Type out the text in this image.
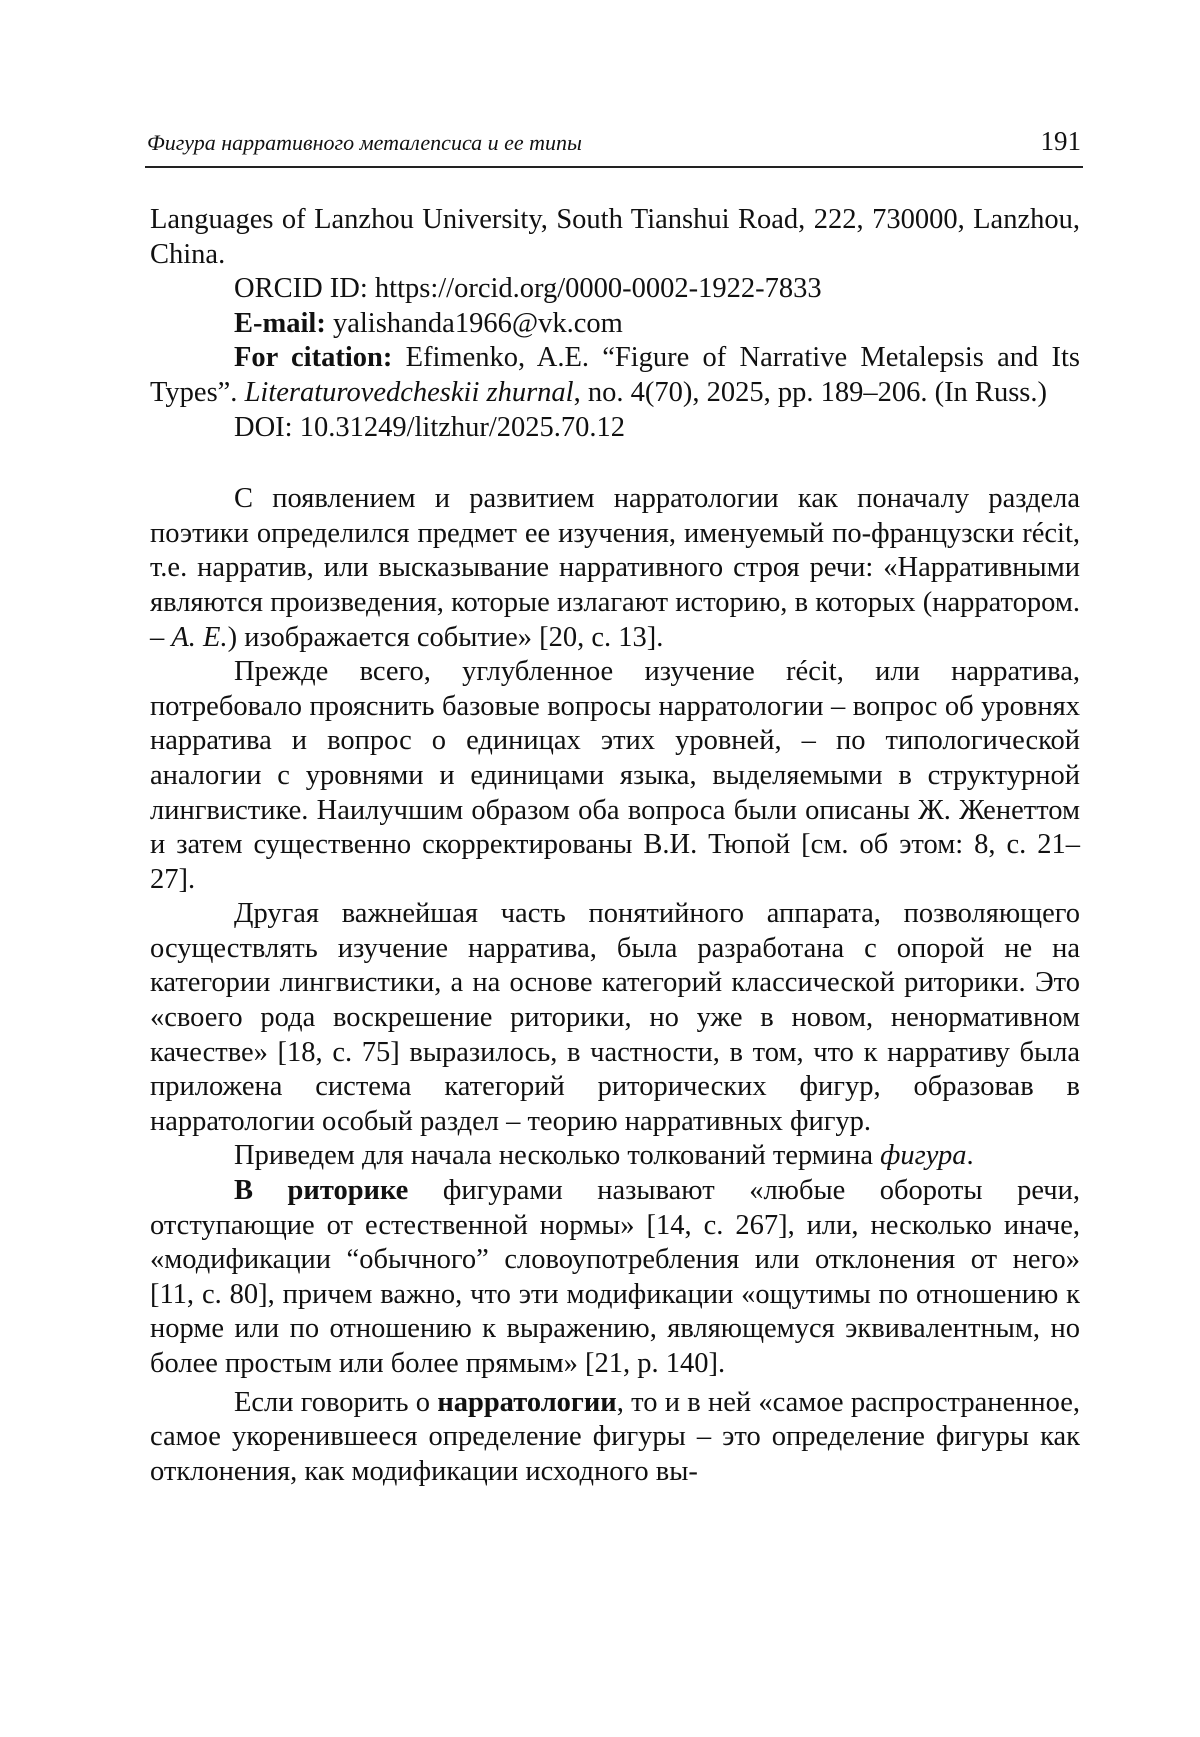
Фигура нарративного металепсиса и ее типы	191

Languages of Lanzhou University, South Tianshui Road, 222, 730000, Lanzhou, China.

ORCID ID: https://orcid.org/0000-0002-1922-7833

E-mail: yalishanda1966@vk.com

For citation: Efimenko, A.E. “Figure of Narrative Metalepsis and Its Types”. Literaturovedcheskii zhurnal, no. 4(70), 2025, pp. 189–206. (In Russ.)

DOI: 10.31249/litzhur/2025.70.12

С появлением и развитием нарратологии как поначалу раздела поэтики определился предмет ее изучения, именуемый по-французски récit, т.е. нарратив, или высказывание нарративного строя речи: «Нарративными являются произведения, которые излагают историю, в которых (нарратором. – А. Е.) изображается событие» [20, с. 13].

Прежде всего, углубленное изучение récit, или нарратива, потребовало прояснить базовые вопросы нарратологии – вопрос об уровнях нарратива и вопрос о единицах этих уровней, – по типологической аналогии с уровнями и единицами языка, выделяемыми в структурной лингвистике. Наилучшим образом оба вопроса были описаны Ж. Женеттом и затем существенно скорректированы В.И. Тюпой [см. об этом: 8, с. 21–27].

Другая важнейшая часть понятийного аппарата, позволяющего осуществлять изучение нарратива, была разработана с опорой не на категории лингвистики, а на основе категорий классической риторики. Это «своего рода воскрешение риторики, но уже в новом, ненормативном качестве» [18, с. 75] выразилось, в частности, в том, что к нарративу была приложена система категорий риторических фигур, образовав в нарратологии особый раздел – теорию нарративных фигур.

Приведем для начала несколько толкований термина фигура.

В риторике фигурами называют «любые обороты речи, отступающие от естественной нормы» [14, с. 267], или, несколько иначе, «модификации “обычного” словоупотребления или отклонения от него» [11, с. 80], причем важно, что эти модификации «ощутимы по отношению к норме или по отношению к выражению, являющемуся эквивалентным, но более простым или более прямым» [21, p. 140].

Если говорить о нарратологии, то и в ней «самое распространенное, самое укоренившееся определение фигуры – это определение фигуры как отклонения, как модификации исходного вы-
